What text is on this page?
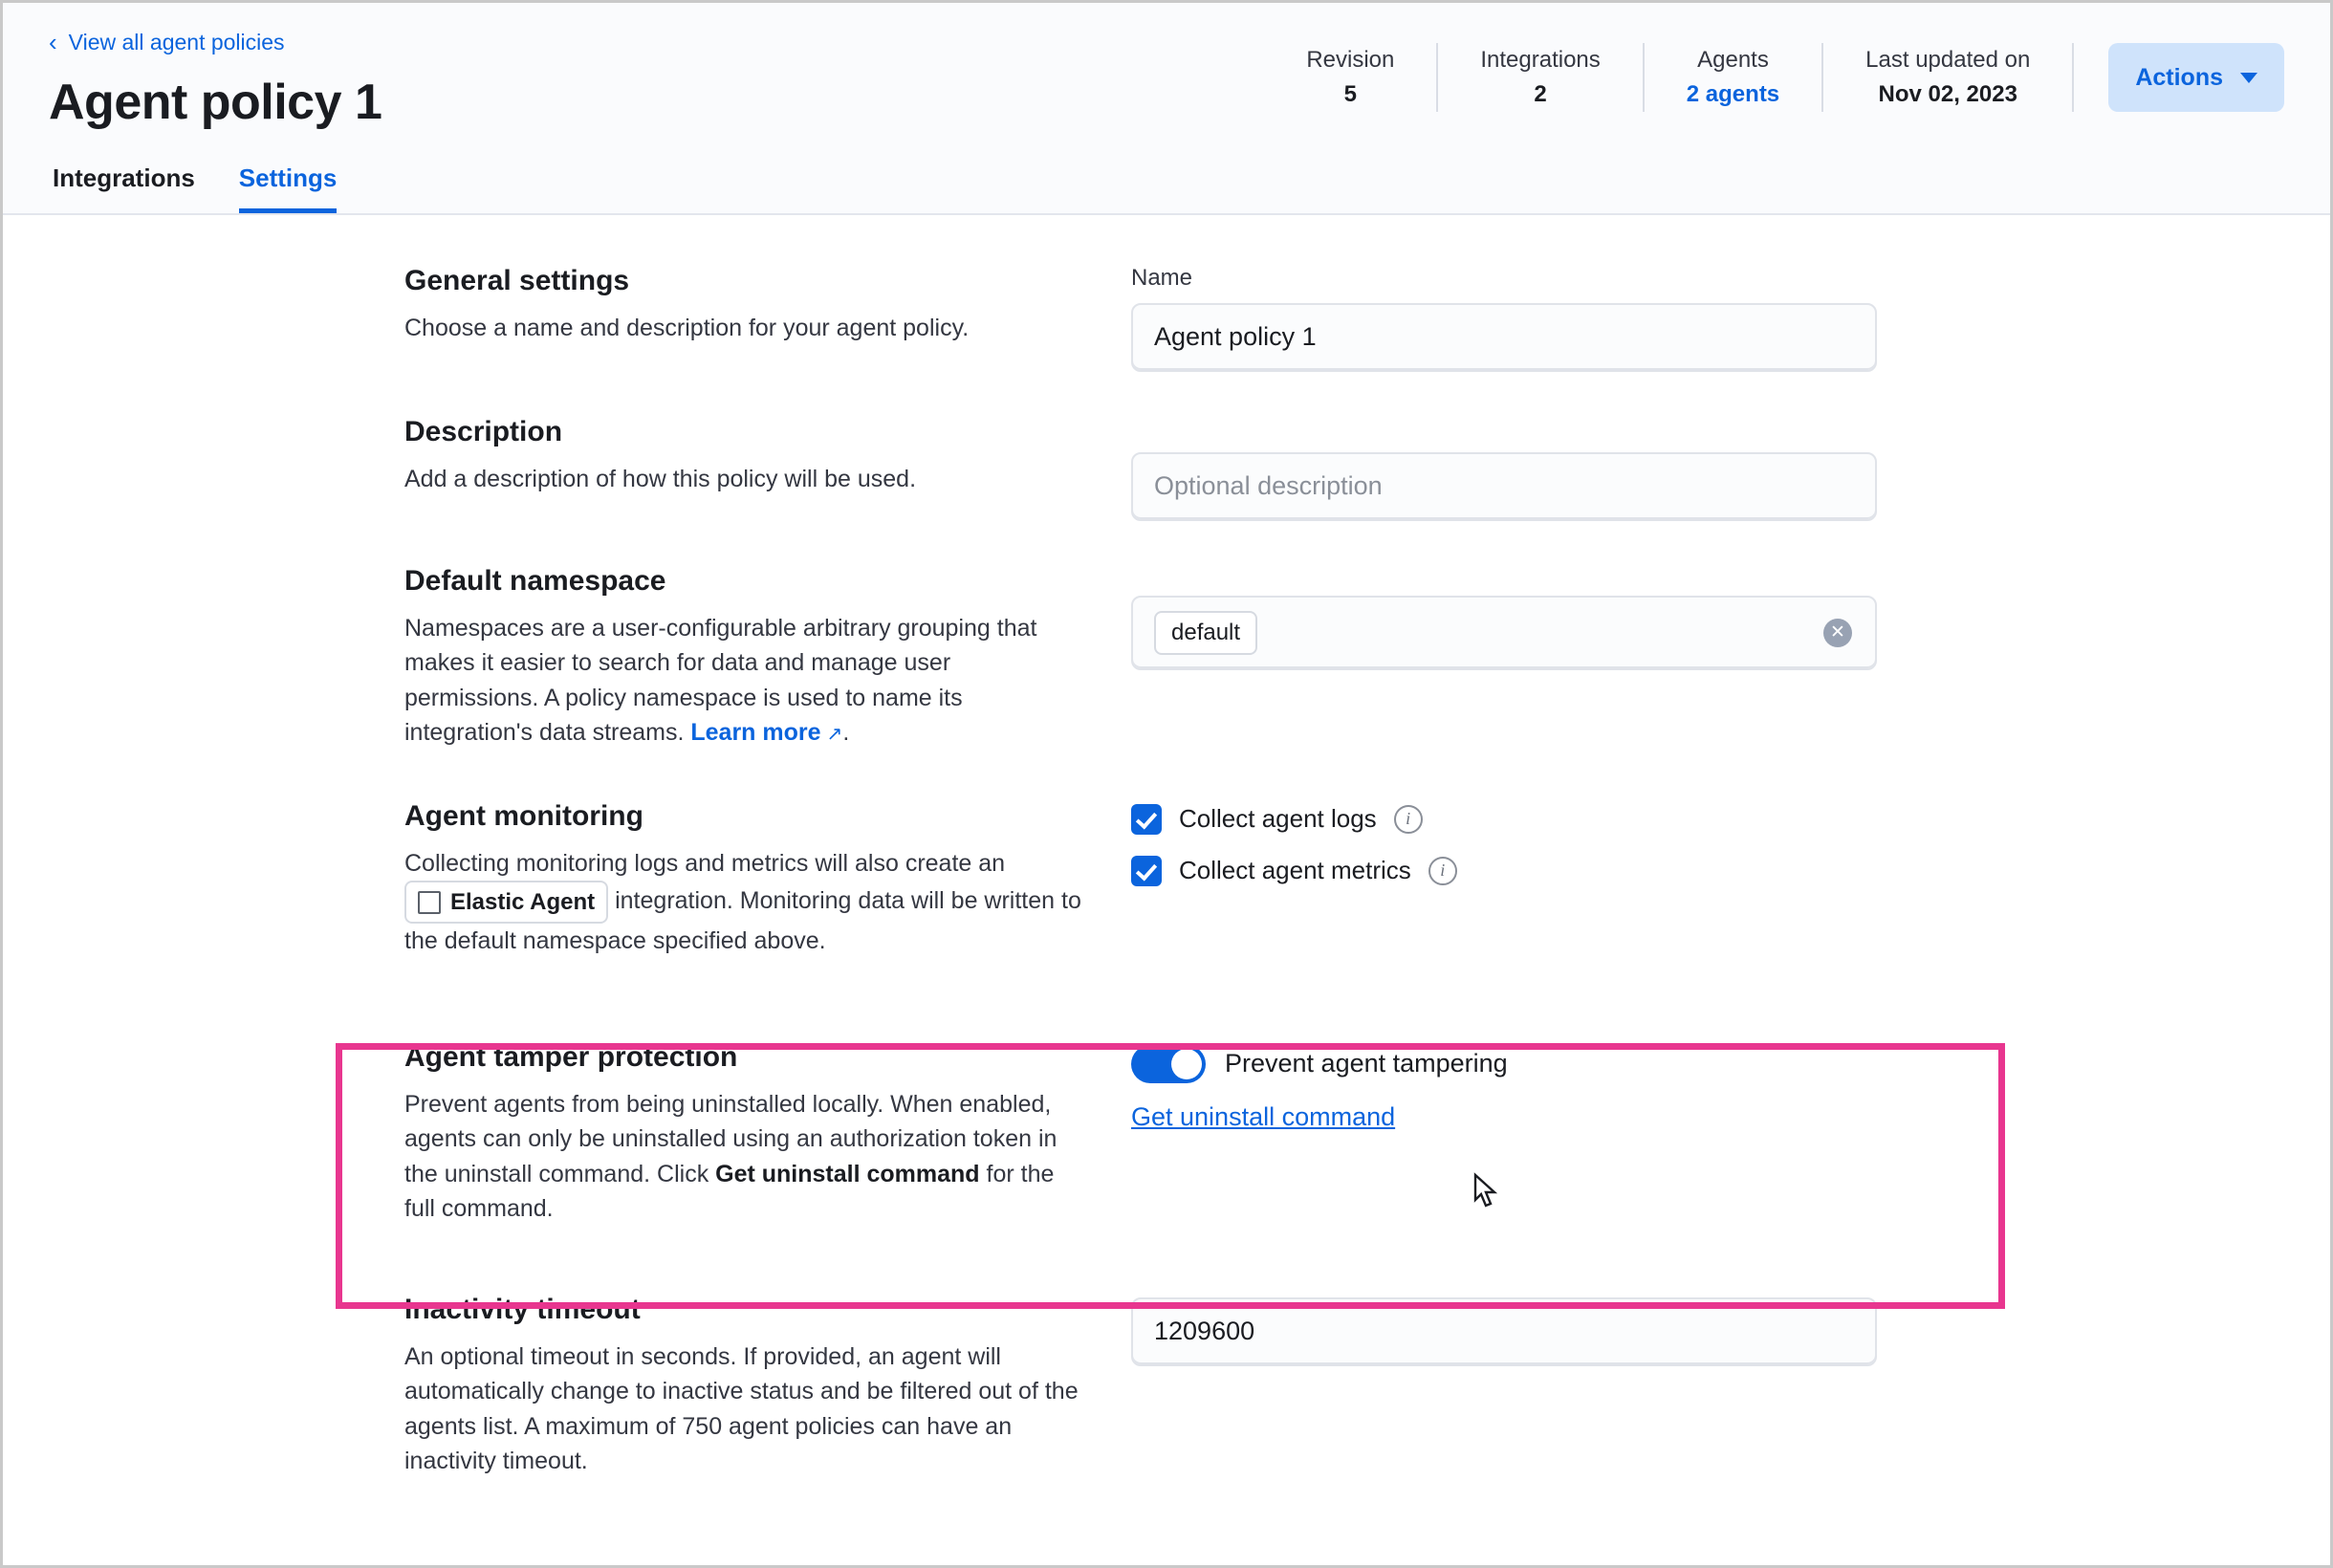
‹ View all agent policies
Agent policy 1
Revision
5
Integrations
2
Agents
2 agents
Last updated on
Nov 02, 2023
Actions
Integrations Settings
General settings

Choose a name and description for your agent policy.

Name
Agent policy 1
Description

Add a description of how this policy will be used.

Optional description
Default namespace

Namespaces are a user-configurable arbitrary grouping that makes it easier to search for data and manage user permissions. A policy namespace is used to name its integration's data streams. Learn more ↗.

default	✕
Agent monitoring

Collecting monitoring logs and metrics will also create an
Elastic Agent integration. Monitoring data will be written to the default namespace specified above.

Collect agent logs	i
Collect agent metrics	i
Agent tamper protection

Prevent agents from being uninstalled locally. When enabled, agents can only be uninstalled using an authorization token in the uninstall command. Click Get uninstall command for the full command.

Prevent agent tampering
Get uninstall command
Inactivity timeout

An optional timeout in seconds. If provided, an agent will automatically change to inactive status and be filtered out of the agents list. A maximum of 750 agent policies can have an inactivity timeout.

1209600
